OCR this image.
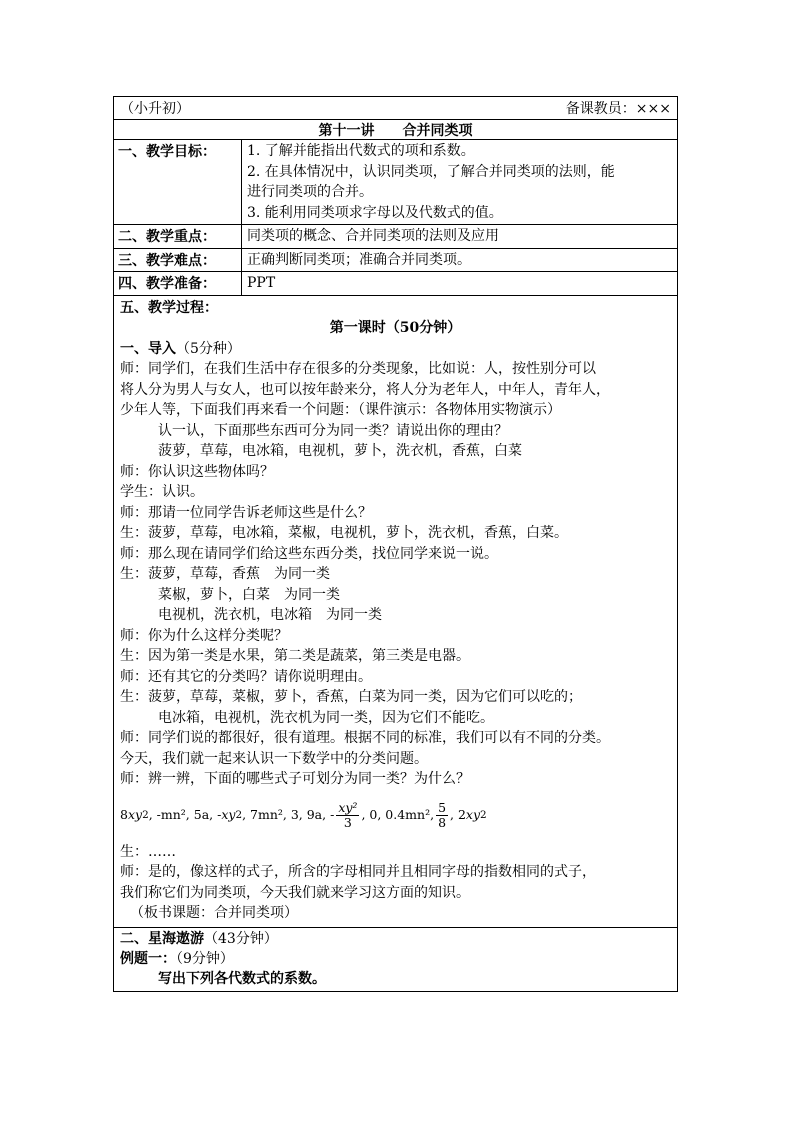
（小升初）	备课教员：×××
第十一讲　　合并同类项
一、教学目标：	1. 了解并能指出代数式的项和系数。
2. 在具体情况中，认识同类项，了解合并同类项的法则，能
进行同类项的合并。
3. 能利用同类项求字母以及代数式的值。
二、教学重点：	同类项的概念、合并同类项的法则及应用
三、教学难点：	正确判断同类项；准确合并同类项。
四、教学准备：	PPT
五、教学过程：
第一课时（50分钟）
一、导入（5分种）
师：同学们，在我们生活中存在很多的分类现象，比如说：人，按性别分可以
将人分为男人与女人，也可以按年龄来分，将人分为老年人，中年人，青年人，
少年人等，下面我们再来看一个问题：（课件演示：各物体用实物演示）
认一认，下面那些东西可分为同一类？请说出你的理由？
菠萝，草莓，电冰箱，电视机，萝卜，洗衣机，香蕉，白菜
师：你认识这些物体吗？
学生：认识。
师：那请一位同学告诉老师这些是什么？
生：菠萝，草莓，电冰箱，菜椒，电视机，萝卜，洗衣机，香蕉，白菜。
师：那么现在请同学们给这些东西分类，找位同学来说一说。
生：菠萝，草莓，香蕉　为同一类
菜椒，萝卜，白菜　为同一类
电视机，洗衣机，电冰箱　为同一类
师：你为什么这样分类呢？
生：因为第一类是水果，第二类是蔬菜，第三类是电器。
师：还有其它的分类吗？请你说明理由。
生：菠萝，草莓，菜椒，萝卜，香蕉，白菜为同一类，因为它们可以吃的；
电冰箱，电视机，洗衣机为同一类，因为它们不能吃。
师：同学们说的都很好，很有道理。根据不同的标准，我们可以有不同的分类。
今天，我们就一起来认识一下数学中的分类问题。
师：辨一辨，下面的哪些式子可划分为同一类？为什么？
8 xy 2 , -mn², 5a, - xy 2 , 7mn², 3, 9a, - $\frac{\text{xy²}}{3}$ , 0, 0.4mn², $\frac{5}{8}$ , 2 xy 2
生：……
师：是的，像这样的式子，所含的字母相同并且相同字母的指数相同的式子，
我们称它们为同类项，今天我们就来学习这方面的知识。
（板书课题：合并同类项）
二、星海遨游（43分钟）
例题一：（9分钟）
写出下列各代数式的系数。
